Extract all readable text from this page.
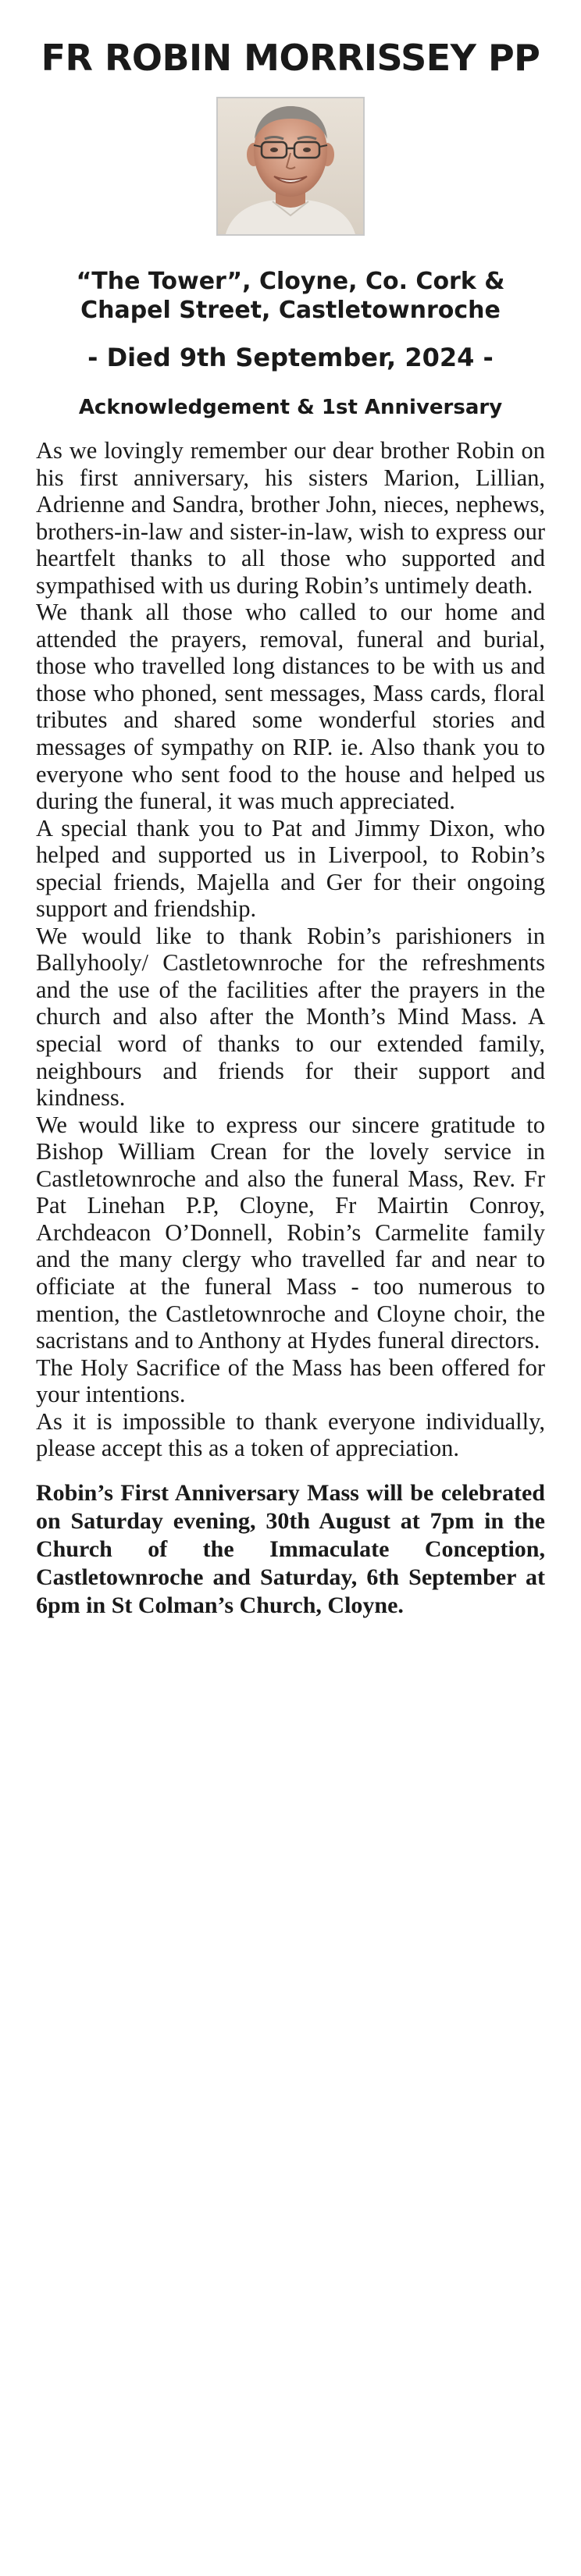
FR ROBIN MORRISSEY PP
“The Tower”, Cloyne, Co. Cork & Chapel Street, Castletownroche
- Died 9th September, 2024 -
Acknowledgement & 1st Anniversary

As we lovingly remember our dear brother Robin on his first anniversary, his sisters Marion, Lillian, Adrienne and Sandra, brother John, nieces, nephews, brothers-in-law and sister-in-law, wish to express our heartfelt thanks to all those who supported and sympathised with us during Robin’s untimely death.

We thank all those who called to our home and attended the prayers, removal, funeral and burial, those who travelled long distances to be with us and those who phoned, sent messages, Mass cards, floral tributes and shared some wonderful stories and messages of sympathy on RIP. ie. Also thank you to everyone who sent food to the house and helped us during the funeral, it was much appreciated.

A special thank you to Pat and Jimmy Dixon, who helped and supported us in Liverpool, to Robin’s special friends, Majella and Ger for their ongoing support and friendship.

We would like to thank Robin’s parishioners in Ballyhooly/ Castletownroche for the refreshments and the use of the facilities after the prayers in the church and also after the Month’s Mind Mass. A special word of thanks to our extended family, neighbours and friends for their support and kindness.

We would like to express our sincere gratitude to Bishop William Crean for the lovely service in Castletownroche and also the funeral Mass, Rev. Fr Pat Linehan P.P, Cloyne, Fr Mairtin Conroy, Archdeacon O’Donnell, Robin’s Carmelite family and the many clergy who travelled far and near to officiate at the funeral Mass - too numerous to mention, the Castletownroche and Cloyne choir, the sacristans and to Anthony at Hydes funeral directors.

The Holy Sacrifice of the Mass has been offered for your intentions.

As it is impossible to thank everyone individually, please accept this as a token of appreciation.

Robin’s First Anniversary Mass will be celebrated on Saturday evening, 30th August at 7pm in the Church of the Immaculate Conception, Castletownroche and Saturday, 6th September at 6pm in St Colman’s Church, Cloyne.
